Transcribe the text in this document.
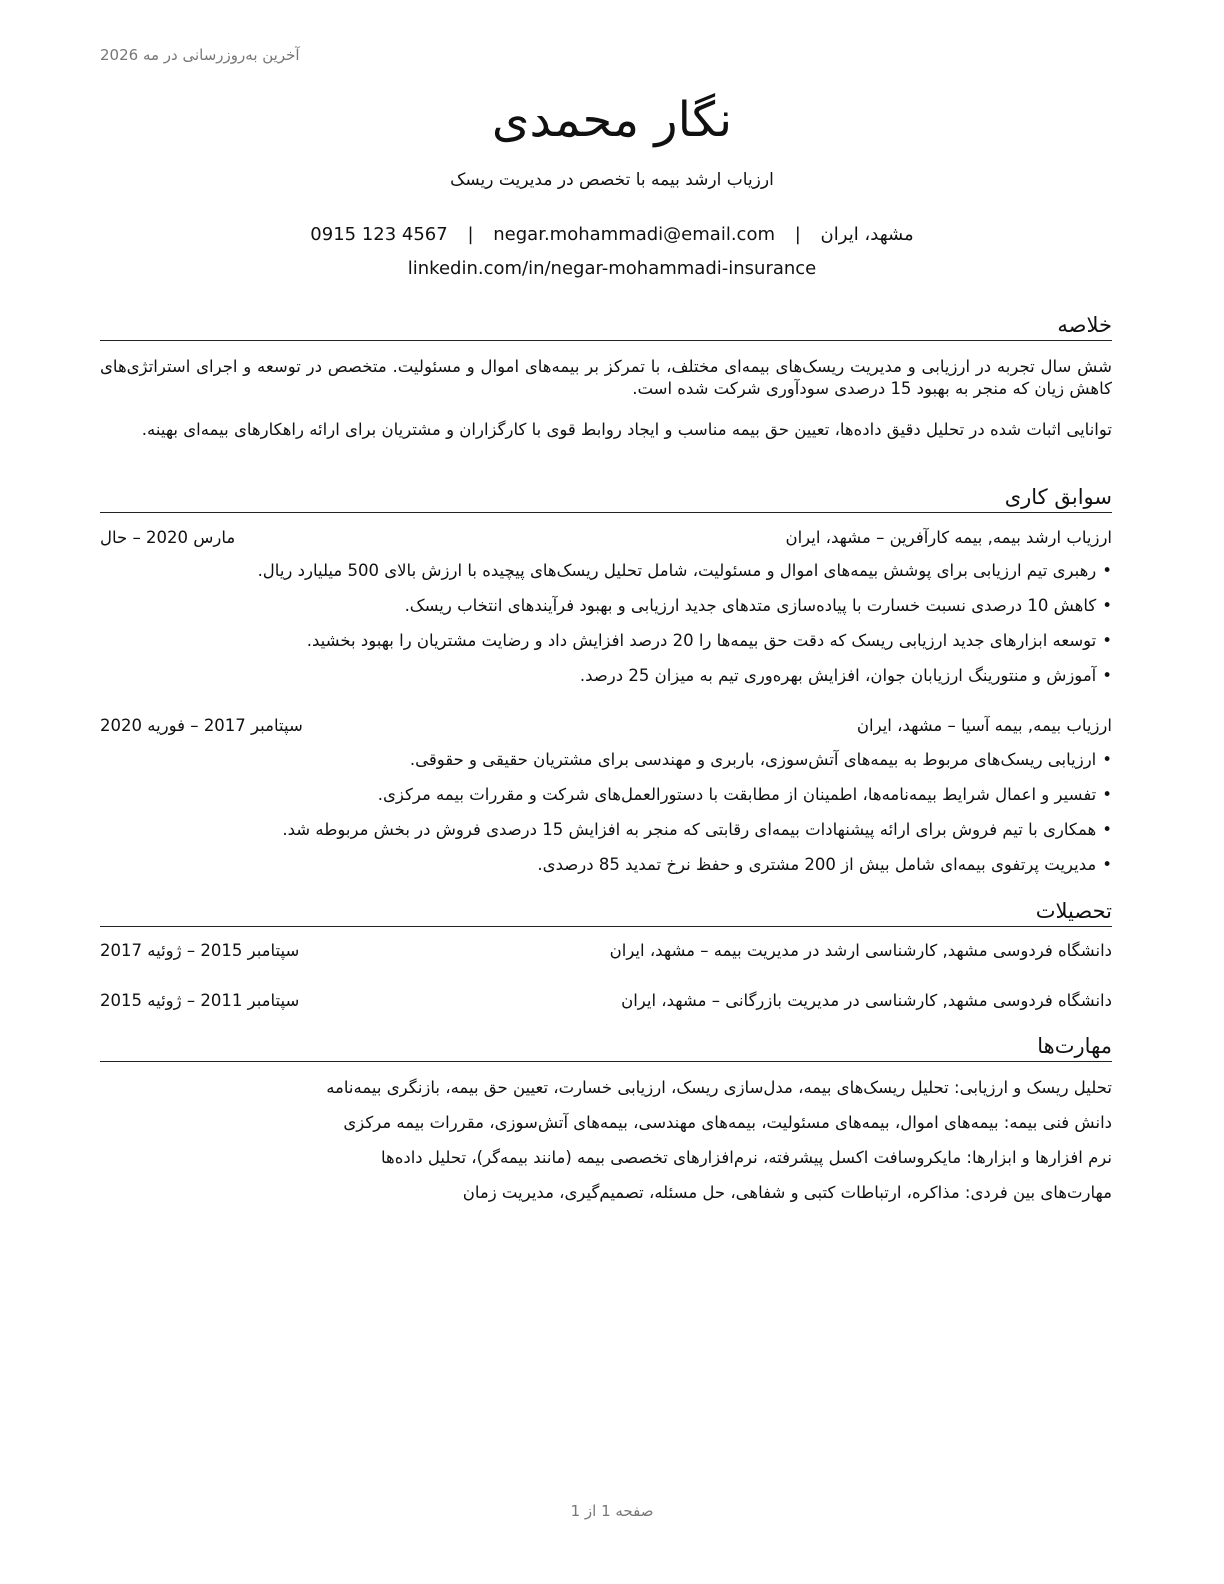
آخرین به‌روزرسانی در مه 2026
نگار محمدی
ارزیاب ارشد بیمه با تخصص در مدیریت ریسک
مشهد، ایران | negar.mohammadi@email.com | 0915 123 4567
linkedin.com/in/negar-mohammadi-insurance
خلاصه
شش سال تجربه در ارزیابی و مدیریت ریسک‌های بیمه‌ای مختلف، با تمرکز بر بیمه‌های اموال و مسئولیت. متخصص در توسعه و اجرای استراتژی‌های کاهش زیان که منجر به بهبود 15 درصدی سودآوری شرکت شده است.
توانایی اثبات شده در تحلیل دقیق داده‌ها، تعیین حق بیمه مناسب و ایجاد روابط قوی با کارگزاران و مشتریان برای ارائه راهکارهای بیمه‌ای بهینه.
سوابق کاری
ارزیاب ارشد بیمه, بیمه کارآفرین – مشهد، ایران
مارس 2020 – حال
• رهبری تیم ارزیابی برای پوشش بیمه‌های اموال و مسئولیت، شامل تحلیل ریسک‌های پیچیده با ارزش بالای 500 میلیارد ریال.
• کاهش 10 درصدی نسبت خسارت با پیاده‌سازی متدهای جدید ارزیابی و بهبود فرآیندهای انتخاب ریسک.
• توسعه ابزارهای جدید ارزیابی ریسک که دقت حق بیمه‌ها را 20 درصد افزایش داد و رضایت مشتریان را بهبود بخشید.
• آموزش و منتورینگ ارزیابان جوان، افزایش بهره‌وری تیم به میزان 25 درصد.
ارزیاب بیمه, بیمه آسیا – مشهد، ایران
سپتامبر 2017 – فوریه 2020
• ارزیابی ریسک‌های مربوط به بیمه‌های آتش‌سوزی، باربری و مهندسی برای مشتریان حقیقی و حقوقی.
• تفسیر و اعمال شرایط بیمه‌نامه‌ها، اطمینان از مطابقت با دستورالعمل‌های شرکت و مقررات بیمه مرکزی.
• همکاری با تیم فروش برای ارائه پیشنهادات بیمه‌ای رقابتی که منجر به افزایش 15 درصدی فروش در بخش مربوطه شد.
• مدیریت پرتفوی بیمه‌ای شامل بیش از 200 مشتری و حفظ نرخ تمدید 85 درصدی.
تحصیلات
دانشگاه فردوسی مشهد, کارشناسی ارشد در مدیریت بیمه – مشهد، ایران
سپتامبر 2015 – ژوئیه 2017
دانشگاه فردوسی مشهد, کارشناسی در مدیریت بازرگانی – مشهد، ایران
سپتامبر 2011 – ژوئیه 2015
مهارت‌ها
تحلیل ریسک و ارزیابی: تحلیل ریسک‌های بیمه، مدل‌سازی ریسک، ارزیابی خسارت، تعیین حق بیمه، بازنگری بیمه‌نامه
دانش فنی بیمه: بیمه‌های اموال، بیمه‌های مسئولیت، بیمه‌های مهندسی، بیمه‌های آتش‌سوزی، مقررات بیمه مرکزی
نرم افزارها و ابزارها: مایکروسافت اکسل پیشرفته، نرم‌افزارهای تخصصی بیمه (مانند بیمه‌گر)، تحلیل داده‌ها
مهارت‌های بین فردی: مذاکره، ارتباطات کتبی و شفاهی، حل مسئله، تصمیم‌گیری، مدیریت زمان
صفحه 1 از 1
